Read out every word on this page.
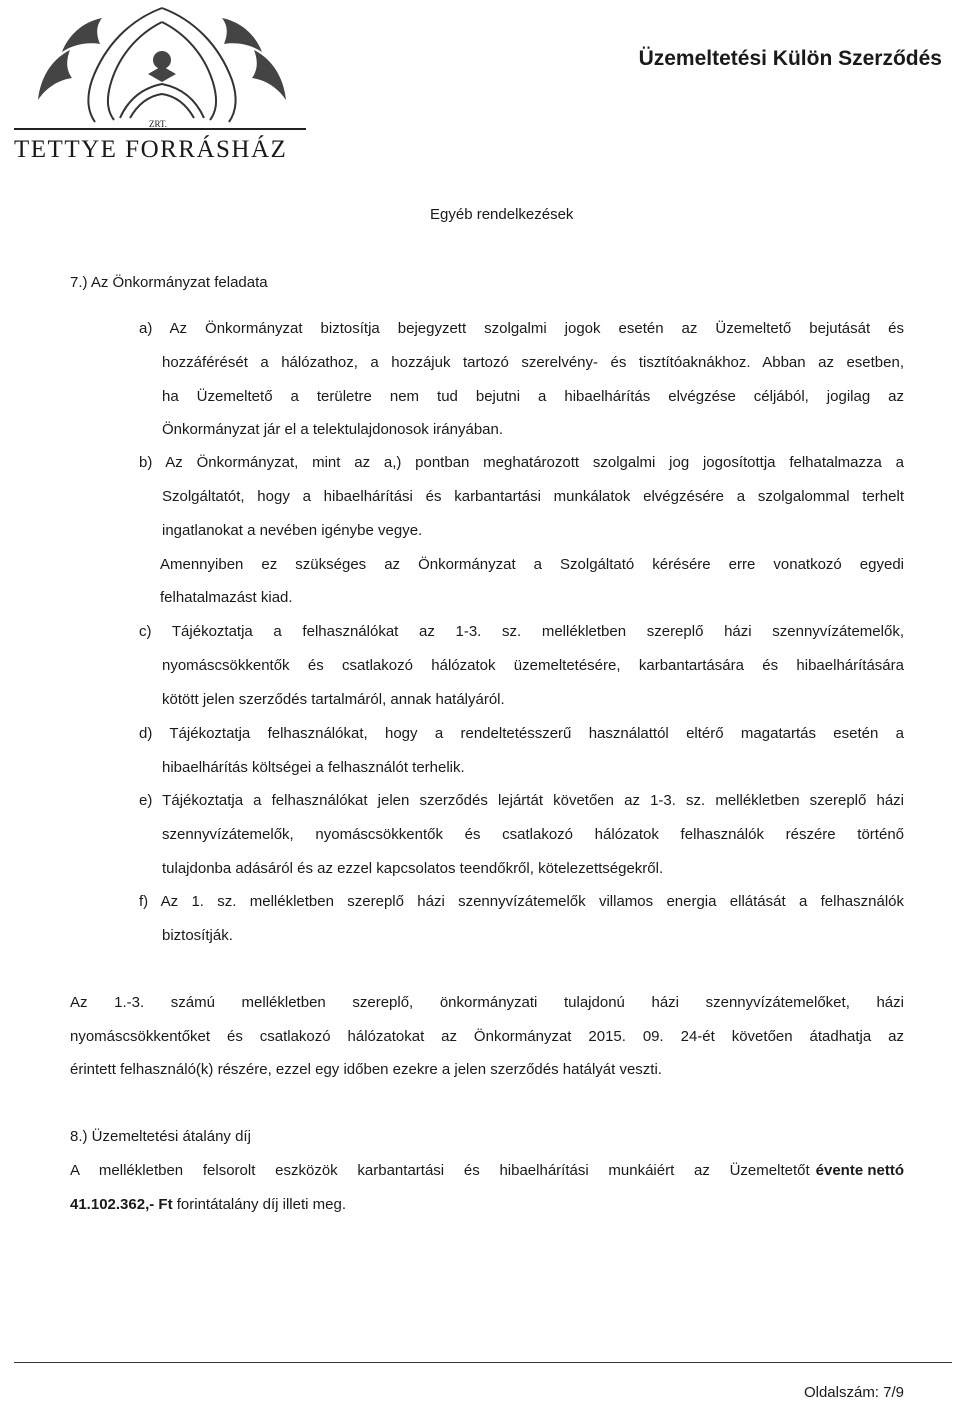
ZRT.
TETTYE FORRÁSHÁZ
Üzemeltetési Külön Szerződés
Egyéb rendelkezések
7.) Az Önkormányzat feladata
a) Az Önkormányzat biztosítja bejegyzett szolgalmi jogok esetén az Üzemeltető bejutását és
hozzáférését a hálózathoz, a hozzájuk tartozó szerelvény- és tisztítóaknákhoz. Abban az esetben,
ha Üzemeltető a területre nem tud bejutni a hibaelhárítás elvégzése céljából, jogilag az
Önkormányzat jár el a telektulajdonosok irányában.
b) Az Önkormányzat, mint az a,) pontban meghatározott szolgalmi jog jogosítottja felhatalmazza a
Szolgáltatót, hogy a hibaelhárítási és karbantartási munkálatok elvégzésére a szolgalommal terhelt
ingatlanokat a nevében igénybe vegye.
Amennyiben ez szükséges az Önkormányzat a Szolgáltató kérésére erre vonatkozó egyedi
felhatalmazást kiad.
c) Tájékoztatja a felhasználókat az 1-3. sz. mellékletben szereplő házi szennyvízátemelők,
nyomáscsökkentők és csatlakozó hálózatok üzemeltetésére, karbantartására és hibaelhárítására
kötött jelen szerződés tartalmáról, annak hatályáról.
d) Tájékoztatja felhasználókat, hogy a rendeltetésszerű használattól eltérő magatartás esetén a
hibaelhárítás költségei a felhasználót terhelik.
e) Tájékoztatja a felhasználókat jelen szerződés lejártát követően az 1-3. sz. mellékletben szereplő házi
szennyvízátemelők, nyomáscsökkentők és csatlakozó hálózatok felhasználók részére történő
tulajdonba adásáról és az ezzel kapcsolatos teendőkről, kötelezettségekről.
f) Az 1. sz. mellékletben szereplő házi szennyvízátemelők villamos energia ellátását a felhasználók
biztosítják.
Az 1.-3. számú mellékletben szereplő, önkormányzati tulajdonú házi szennyvízátemelőket, házi
nyomáscsökkentőket és csatlakozó hálózatokat az Önkormányzat 2015. 09. 24-ét követően átadhatja az
érintett felhasználó(k) részére, ezzel egy időben ezekre a jelen szerződés hatályát veszti.
8.) Üzemeltetési átalány díj
A mellékletben felsorolt eszközök karbantartási és hibaelhárítási munkáiért az Üzemeltetőt évente nettó
41.102.362,- Ft forintátalány díj illeti meg.
Oldalszám: 7/9
